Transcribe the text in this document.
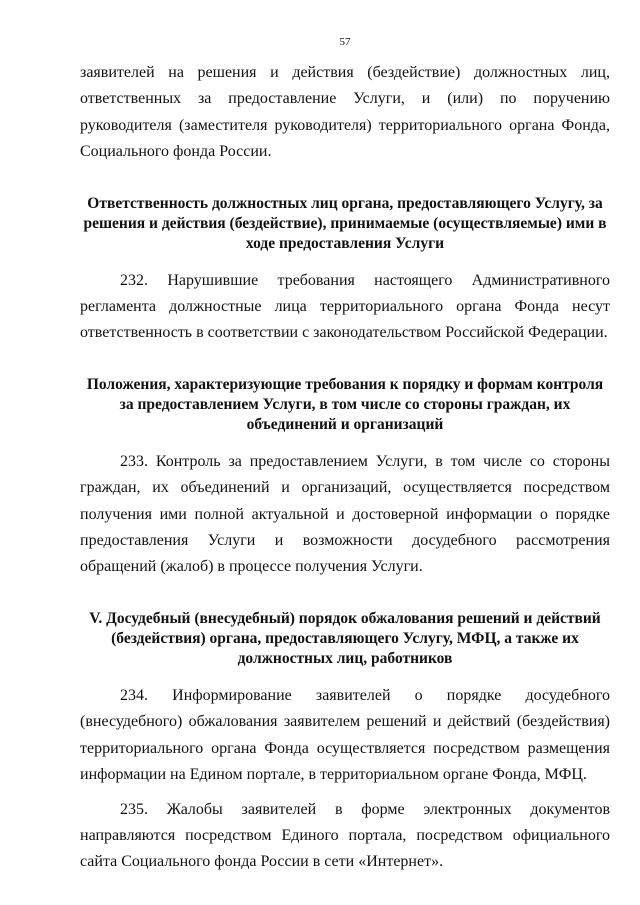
57

заявителей на решения и действия (бездействие) должностных лиц, ответственных за предоставление Услуги, и (или) по поручению руководителя (заместителя руководителя) территориального органа Фонда, Социального фонда России.

Ответственность должностных лиц органа, предоставляющего Услугу, за решения и действия (бездействие), принимаемые (осуществляемые) ими в ходе предоставления Услуги

232. Нарушившие требования настоящего Административного регламента должностные лица территориального органа Фонда несут ответственность в соответствии с законодательством Российской Федерации.

Положения, характеризующие требования к порядку и формам контроля за предоставлением Услуги, в том числе со стороны граждан, их объединений и организаций

233. Контроль за предоставлением Услуги, в том числе со стороны граждан, их объединений и организаций, осуществляется посредством получения ими полной актуальной и достоверной информации о порядке предоставления Услуги и возможности досудебного рассмотрения обращений (жалоб) в процессе получения Услуги.

V. Досудебный (внесудебный) порядок обжалования решений и действий (бездействия) органа, предоставляющего Услугу, МФЦ, а также их должностных лиц, работников

234. Информирование заявителей о порядке досудебного (внесудебного) обжалования заявителем решений и действий (бездействия) территориального органа Фонда осуществляется посредством размещения информации на Едином портале, в территориальном органе Фонда, МФЦ.

235. Жалобы заявителей в форме электронных документов направляются посредством Единого портала, посредством официального сайта Социального фонда России в сети «Интернет».
